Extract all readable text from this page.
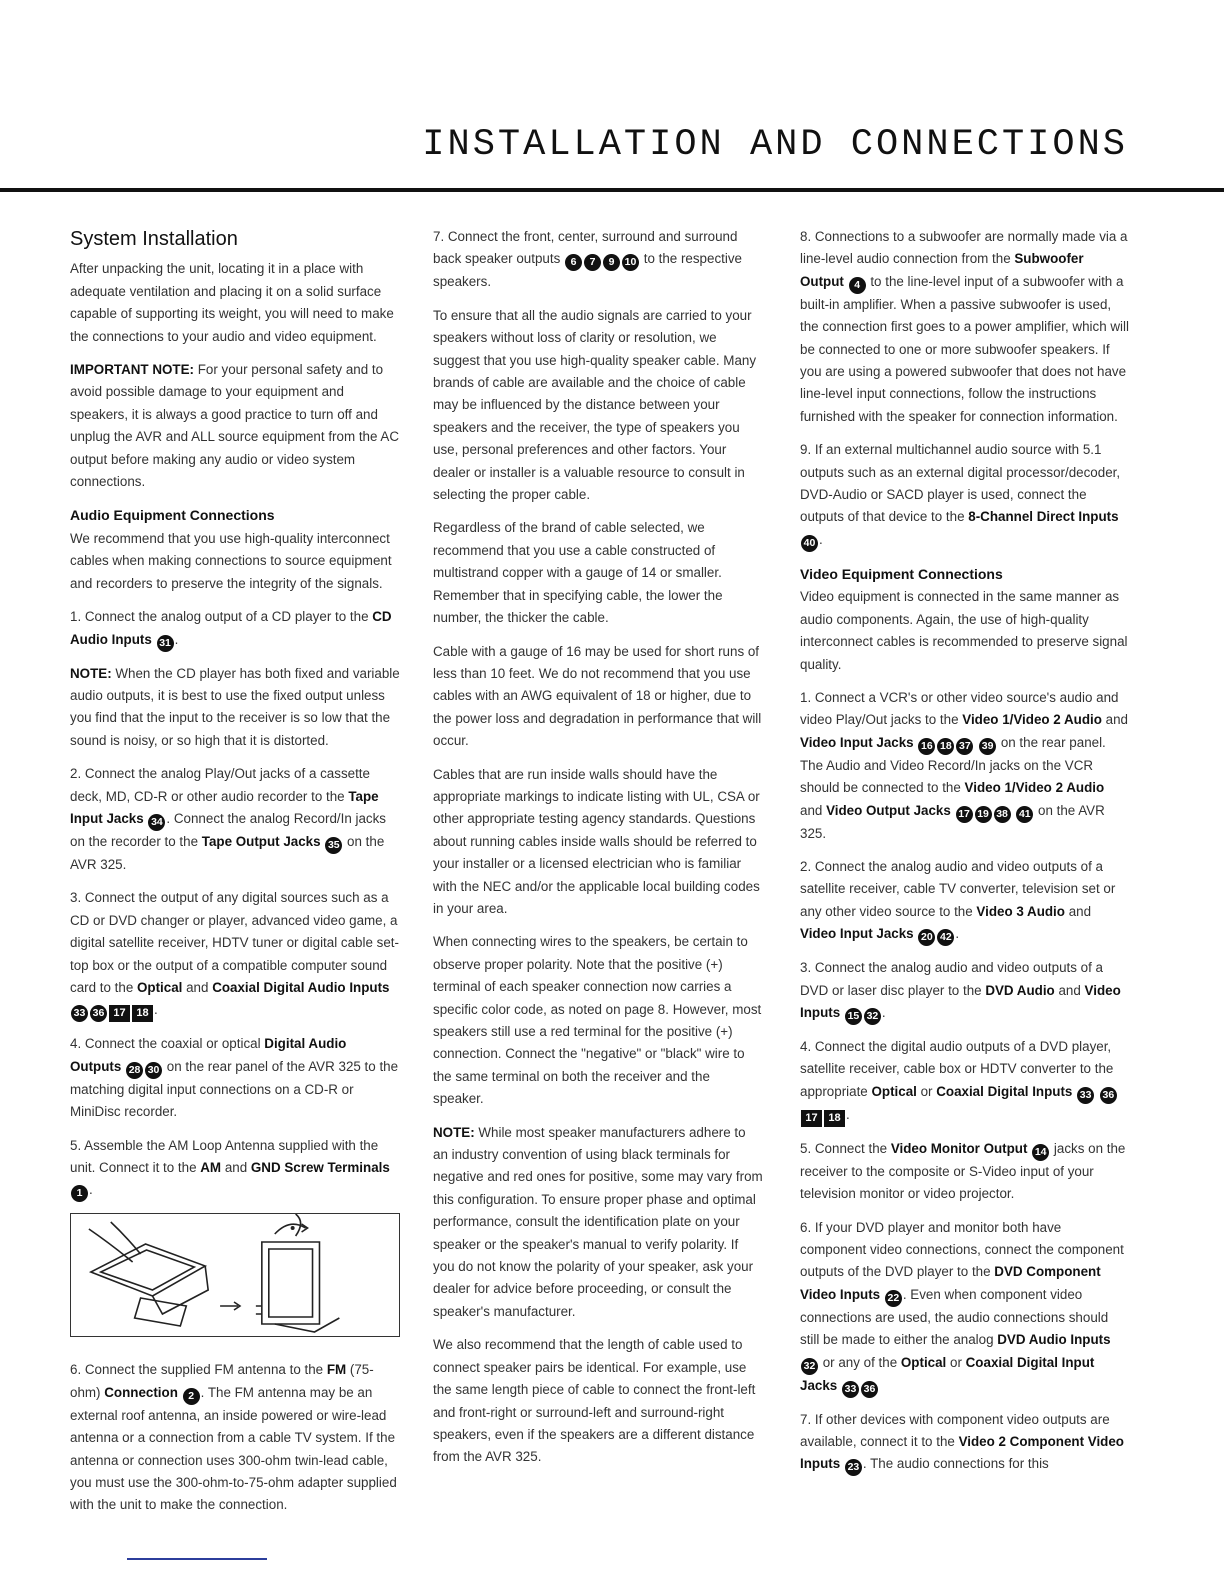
INSTALLATION AND CONNECTIONS
System Installation

After unpacking the unit, locating it in a place with adequate ventilation and placing it on a solid surface capable of supporting its weight, you will need to make the connections to your audio and video equipment.

IMPORTANT NOTE: For your personal safety and to avoid possible damage to your equipment and speakers, it is always a good practice to turn off and unplug the AVR and ALL source equipment from the AC output before making any audio or video system connections.

Audio Equipment Connections

We recommend that you use high-quality interconnect cables when making connections to source equipment and recorders to preserve the integrity of the signals.

1. Connect the analog output of a CD player to the CD Audio Inputs 31 .

NOTE: When the CD player has both fixed and variable audio outputs, it is best to use the fixed output unless you find that the input to the receiver is so low that the sound is noisy, or so high that it is distorted.

2. Connect the analog Play/Out jacks of a cassette deck, MD, CD-R or other audio recorder to the Tape Input Jacks 34 . Connect the analog Record/In jacks on the recorder to the Tape Output Jacks 35 on the AVR 325.

3. Connect the output of any digital sources such as a CD or DVD changer or player, advanced video game, a digital satellite receiver, HDTV tuner or digital cable set-top box or the output of a compatible computer sound card to the Optical and Coaxial Digital Audio Inputs 33 36 17 18 .

4. Connect the coaxial or optical Digital Audio Outputs 28 30 on the rear panel of the AVR 325 to the matching digital input connections on a CD-R or MiniDisc recorder.

5. Assemble the AM Loop Antenna supplied with the unit. Connect it to the AM and GND Screw Terminals 1 .

6. Connect the supplied FM antenna to the FM (75-ohm) Connection 2 . The FM antenna may be an external roof antenna, an inside powered or wire-lead antenna or a connection from a cable TV system. If the antenna or connection uses 300-ohm twin-lead cable, you must use the 300-ohm-to-75-ohm adapter supplied with the unit to make the connection.

7. Connect the front, center, surround and surround back speaker outputs 6 7 9 10 to the respective speakers.

To ensure that all the audio signals are carried to your speakers without loss of clarity or resolution, we suggest that you use high-quality speaker cable. Many brands of cable are available and the choice of cable may be influenced by the distance between your speakers and the receiver, the type of speakers you use, personal preferences and other factors. Your dealer or installer is a valuable resource to consult in selecting the proper cable.

Regardless of the brand of cable selected, we recommend that you use a cable constructed of multistrand copper with a gauge of 14 or smaller. Remember that in specifying cable, the lower the number, the thicker the cable.

Cable with a gauge of 16 may be used for short runs of less than 10 feet. We do not recommend that you use cables with an AWG equivalent of 18 or higher, due to the power loss and degradation in performance that will occur.

Cables that are run inside walls should have the appropriate markings to indicate listing with UL, CSA or other appropriate testing agency standards. Questions about running cables inside walls should be referred to your installer or a licensed electrician who is familiar with the NEC and/or the applicable local building codes in your area.

When connecting wires to the speakers, be certain to observe proper polarity. Note that the positive (+) terminal of each speaker connection now carries a specific color code, as noted on page 8. However, most speakers still use a red terminal for the positive (+) connection. Connect the "negative" or "black" wire to the same terminal on both the receiver and the speaker.

NOTE: While most speaker manufacturers adhere to an industry convention of using black terminals for negative and red ones for positive, some may vary from this configuration. To ensure proper phase and optimal performance, consult the identification plate on your speaker or the speaker's manual to verify polarity. If you do not know the polarity of your speaker, ask your dealer for advice before proceeding, or consult the speaker's manufacturer.

We also recommend that the length of cable used to connect speaker pairs be identical. For example, use the same length piece of cable to connect the front-left and front-right or surround-left and surround-right speakers, even if the speakers are a different distance from the AVR 325.

8. Connections to a subwoofer are normally made via a line-level audio connection from the Subwoofer Output 4 to the line-level input of a subwoofer with a built-in amplifier. When a passive subwoofer is used, the connection first goes to a power amplifier, which will be connected to one or more subwoofer speakers. If you are using a powered subwoofer that does not have line-level input connections, follow the instructions furnished with the speaker for connection information.

9. If an external multichannel audio source with 5.1 outputs such as an external digital processor/decoder, DVD-Audio or SACD player is used, connect the outputs of that device to the 8-Channel Direct Inputs 40 .

Video Equipment Connections

Video equipment is connected in the same manner as audio components. Again, the use of high-quality interconnect cables is recommended to preserve signal quality.

1. Connect a VCR's or other video source's audio and video Play/Out jacks to the Video 1/Video 2 Audio and Video Input Jacks 16 18 37 39 on the rear panel. The Audio and Video Record/In jacks on the VCR should be connected to the Video 1/Video 2 Audio and Video Output Jacks 17 19 38 41 on the AVR 325.

2. Connect the analog audio and video outputs of a satellite receiver, cable TV converter, television set or any other video source to the Video 3 Audio and Video Input Jacks 20 42 .

3. Connect the analog audio and video outputs of a DVD or laser disc player to the DVD Audio and Video Inputs 15 32 .

4. Connect the digital audio outputs of a DVD player, satellite receiver, cable box or HDTV converter to the appropriate Optical or Coaxial Digital Inputs 33 3617 18 .

5. Connect the Video Monitor Output 14 jacks on the receiver to the composite or S-Video input of your television monitor or video projector.

6. If your DVD player and monitor both have component video connections, connect the component outputs of the DVD player to the DVD Component Video Inputs 22 . Even when component video connections are used, the audio connections should still be made to either the analog DVD Audio Inputs 32 or any of the Optical or Coaxial Digital Input Jacks 33 36

7. If other devices with component video outputs are available, connect it to the Video 2 Component Video Inputs 23 . The audio connections for this
